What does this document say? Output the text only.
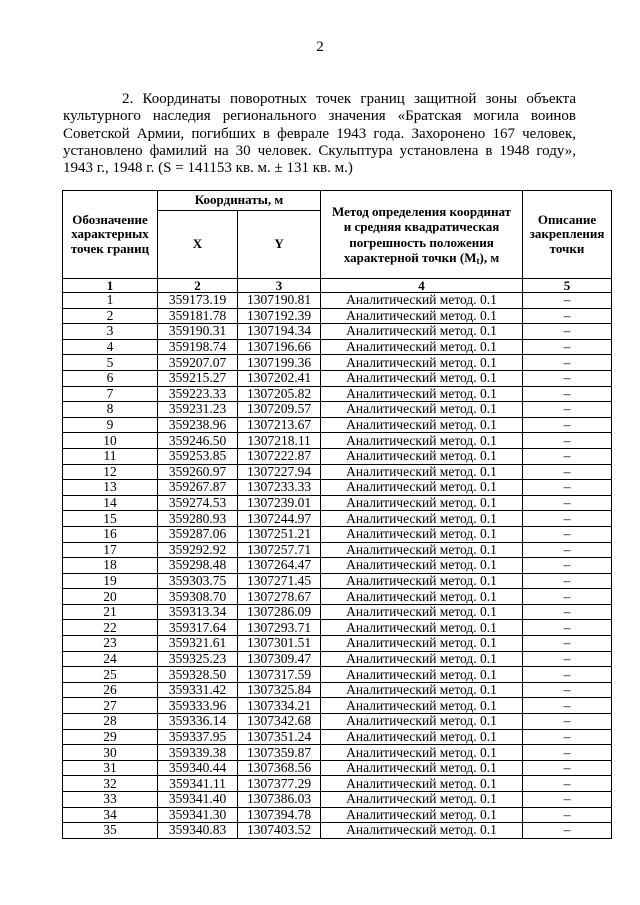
2
2. Координаты поворотных точек границ защитной зоны объекта
культурного наследия регионального значения «Братская могила воинов
Советской Армии, погибших в феврале 1943 года. Захоронено 167 человек,
установлено фамилий на 30 человек. Скульптура установлена в 1948 году»,
1943 г., 1948 г. (S = 141153 кв. м. ± 131 кв. м.)
Обозначение характерных точек границ	Координаты, м		Метод определения координат
и средняя квадратическая
погрешность положения
характерной точки $(M_t)$, м	Описание закрепления точки
	X	Y		
1	2	3	4	5
1	359173.19	1307190.81	Аналитический метод. 0.1	–
2	359181.78	1307192.39	Аналитический метод. 0.1	–
3	359190.31	1307194.34	Аналитический метод. 0.1	–
4	359198.74	1307196.66	Аналитический метод. 0.1	–
5	359207.07	1307199.36	Аналитический метод. 0.1	–
6	359215.27	1307202.41	Аналитический метод. 0.1	–
7	359223.33	1307205.82	Аналитический метод. 0.1	–
8	359231.23	1307209.57	Аналитический метод. 0.1	–
9	359238.96	1307213.67	Аналитический метод. 0.1	–
10	359246.50	1307218.11	Аналитический метод. 0.1	–
11	359253.85	1307222.87	Аналитический метод. 0.1	–
12	359260.97	1307227.94	Аналитический метод. 0.1	–
13	359267.87	1307233.33	Аналитический метод. 0.1	–
14	359274.53	1307239.01	Аналитический метод. 0.1	–
15	359280.93	1307244.97	Аналитический метод. 0.1	–
16	359287.06	1307251.21	Аналитический метод. 0.1	–
17	359292.92	1307257.71	Аналитический метод. 0.1	–
18	359298.48	1307264.47	Аналитический метод. 0.1	–
19	359303.75	1307271.45	Аналитический метод. 0.1	–
20	359308.70	1307278.67	Аналитический метод. 0.1	–
21	359313.34	1307286.09	Аналитический метод. 0.1	–
22	359317.64	1307293.71	Аналитический метод. 0.1	–
23	359321.61	1307301.51	Аналитический метод. 0.1	–
24	359325.23	1307309.47	Аналитический метод. 0.1	–
25	359328.50	1307317.59	Аналитический метод. 0.1	–
26	359331.42	1307325.84	Аналитический метод. 0.1	–
27	359333.96	1307334.21	Аналитический метод. 0.1	–
28	359336.14	1307342.68	Аналитический метод. 0.1	–
29	359337.95	1307351.24	Аналитический метод. 0.1	–
30	359339.38	1307359.87	Аналитический метод. 0.1	–
31	359340.44	1307368.56	Аналитический метод. 0.1	–
32	359341.11	1307377.29	Аналитический метод. 0.1	–
33	359341.40	1307386.03	Аналитический метод. 0.1	–
34	359341.30	1307394.78	Аналитический метод. 0.1	–
35	359340.83	1307403.52	Аналитический метод. 0.1	–
